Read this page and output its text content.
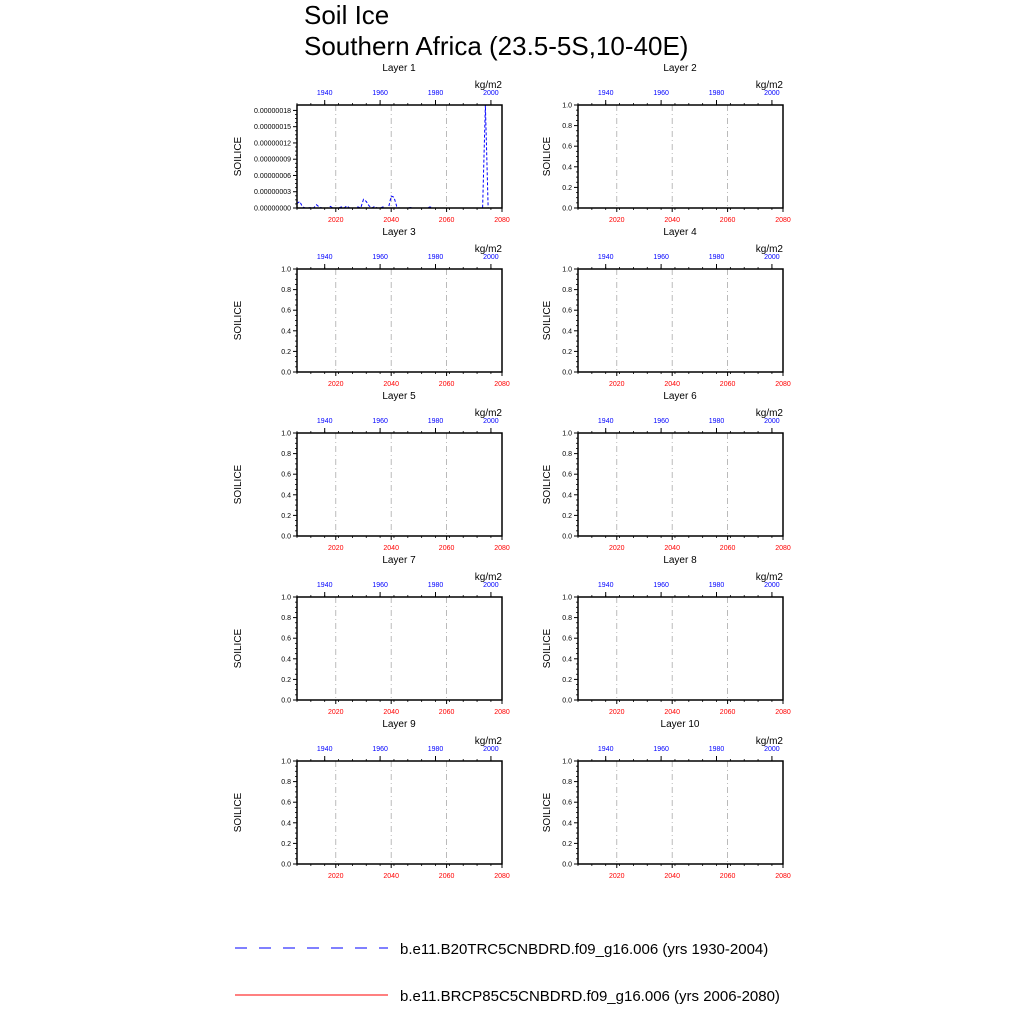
Soil Ice
Southern Africa (23.5-5S,10-40E)
Layer 1
kg/m2
SOILICE
0.00000000
0.00000003
0.00000006
0.00000009
0.00000012
0.00000015
0.00000018
2020	2040	2060	2080
1940	1960	1980	2000
Layer 2
kg/m2
SOILICE
0.0
0.2
0.4
0.6
0.8
1.0
2020	2040	2060	2080
1940	1960	1980	2000
Layer 3
kg/m2
SOILICE
0.0
0.2
0.4
0.6
0.8
1.0
2020	2040	2060	2080
1940	1960	1980	2000
Layer 4
kg/m2
SOILICE
0.0
0.2
0.4
0.6
0.8
1.0
2020	2040	2060	2080
1940	1960	1980	2000
Layer 5
kg/m2
SOILICE
0.0
0.2
0.4
0.6
0.8
1.0
2020	2040	2060	2080
1940	1960	1980	2000
Layer 6
kg/m2
SOILICE
0.0
0.2
0.4
0.6
0.8
1.0
2020	2040	2060	2080
1940	1960	1980	2000
Layer 7
kg/m2
SOILICE
0.0
0.2
0.4
0.6
0.8
1.0
2020	2040	2060	2080
1940	1960	1980	2000
Layer 8
kg/m2
SOILICE
0.0
0.2
0.4
0.6
0.8
1.0
2020	2040	2060	2080
1940	1960	1980	2000
Layer 9
kg/m2
SOILICE
0.0
0.2
0.4
0.6
0.8
1.0
2020	2040	2060	2080
1940	1960	1980	2000
Layer 10
kg/m2
SOILICE
0.0
0.2
0.4
0.6
0.8
1.0
2020	2040	2060	2080
1940	1960	1980	2000
b.e11.B20TRC5CNBDRD.f09_g16.006 (yrs 1930-2004)
b.e11.BRCP85C5CNBDRD.f09_g16.006 (yrs 2006-2080)
